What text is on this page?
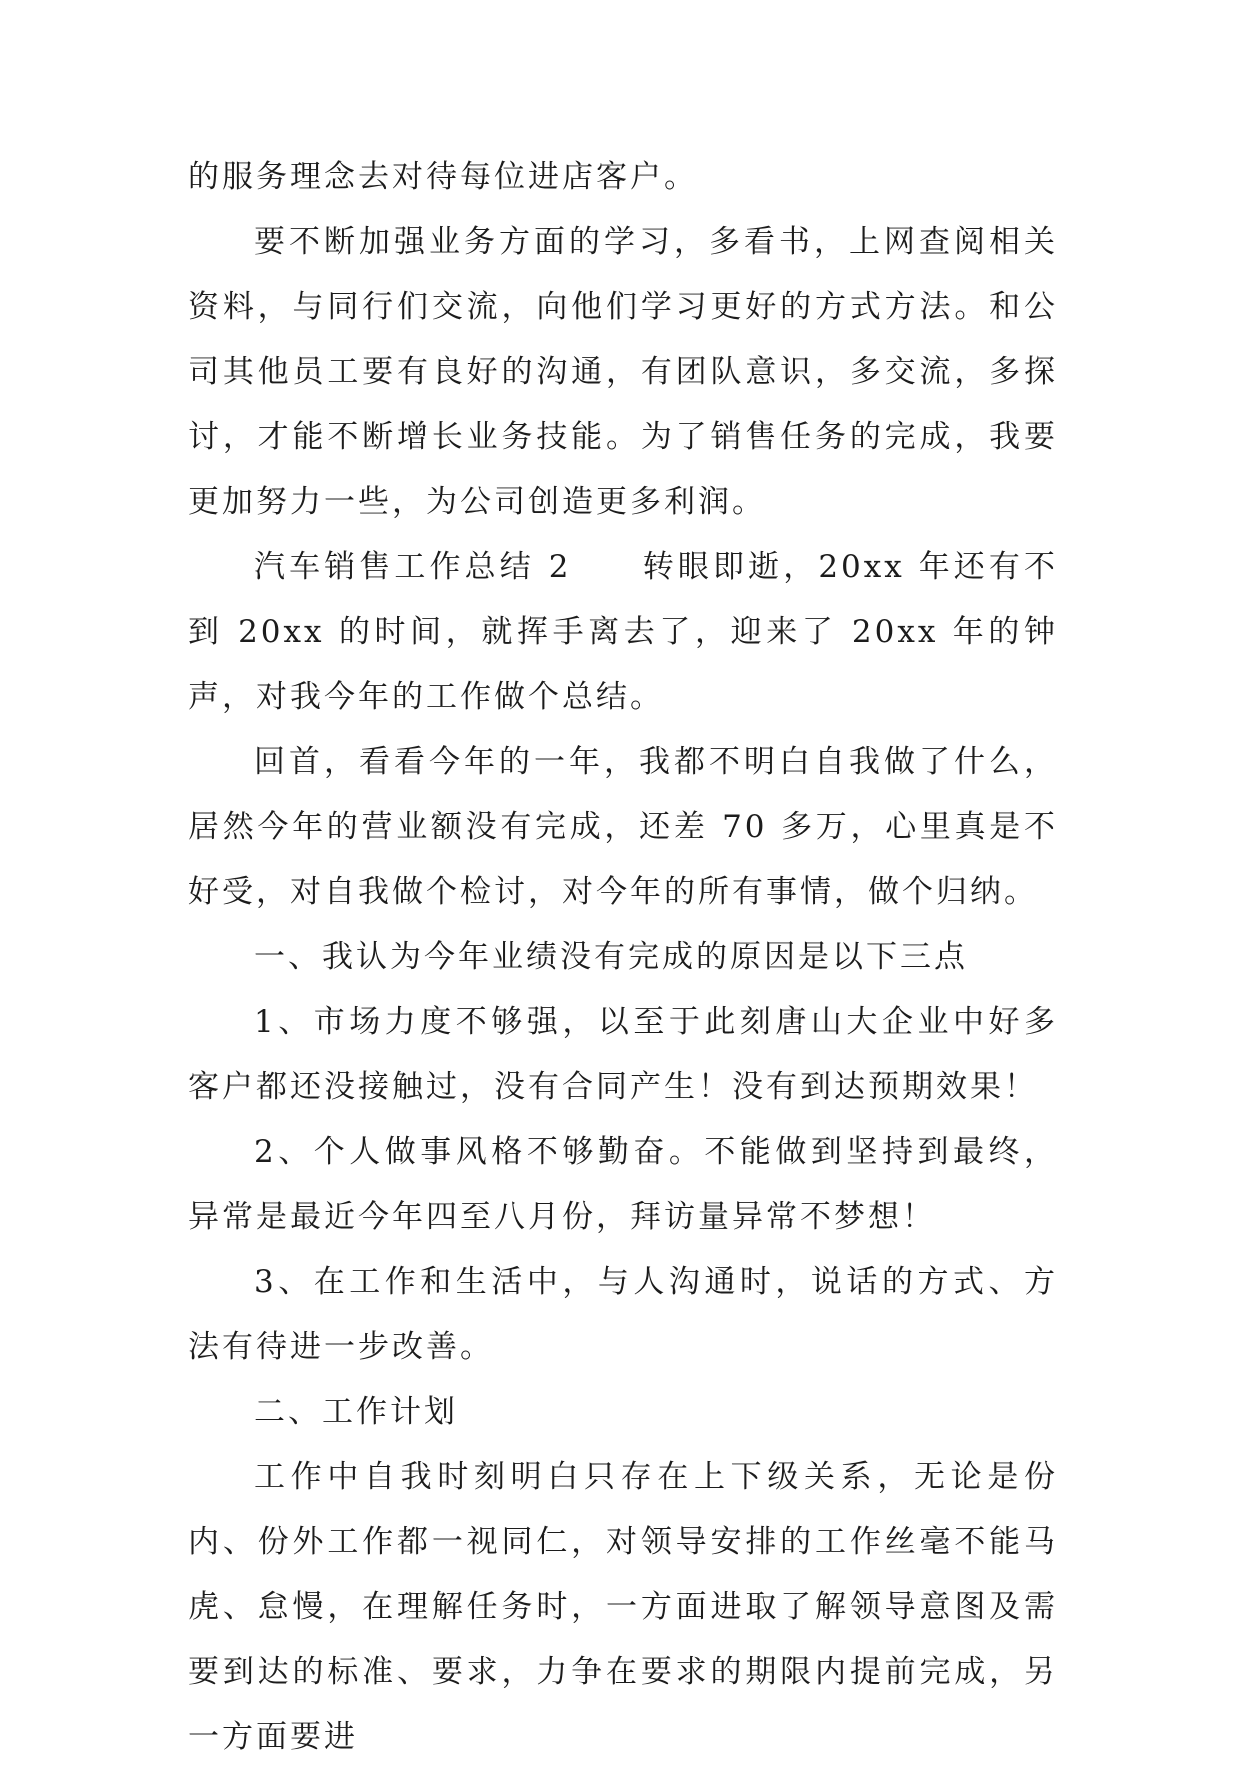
的服务理念去对待每位进店客户。

要不断加强业务方面的学习，多看书，上网查阅相关资料，与同行们交流，向他们学习更好的方式方法。和公司其他员工要有良好的沟通，有团队意识，多交流，多探讨，才能不断增长业务技能。为了销售任务的完成，我要更加努力一些，为公司创造更多利润。

汽车销售工作总结 2　　转眼即逝，20xx 年还有不到 20xx 的时间，就挥手离去了，迎来了 20xx 年的钟声，对我今年的工作做个总结。

回首，看看今年的一年，我都不明白自我做了什么，居然今年的营业额没有完成，还差 70 多万，心里真是不好受，对自我做个检讨，对今年的所有事情，做个归纳。

一、我认为今年业绩没有完成的原因是以下三点

1、市场力度不够强，以至于此刻唐山大企业中好多客户都还没接触过，没有合同产生！没有到达预期效果！

2、个人做事风格不够勤奋。不能做到坚持到最终，异常是最近今年四至八月份，拜访量异常不梦想！

3、在工作和生活中，与人沟通时，说话的方式、方法有待进一步改善。

二、工作计划

工作中自我时刻明白只存在上下级关系，无论是份内、份外工作都一视同仁，对领导安排的工作丝毫不能马虎、怠慢，在理解任务时，一方面进取了解领导意图及需要到达的标准、要求，力争在要求的期限内提前完成，另一方面要进
